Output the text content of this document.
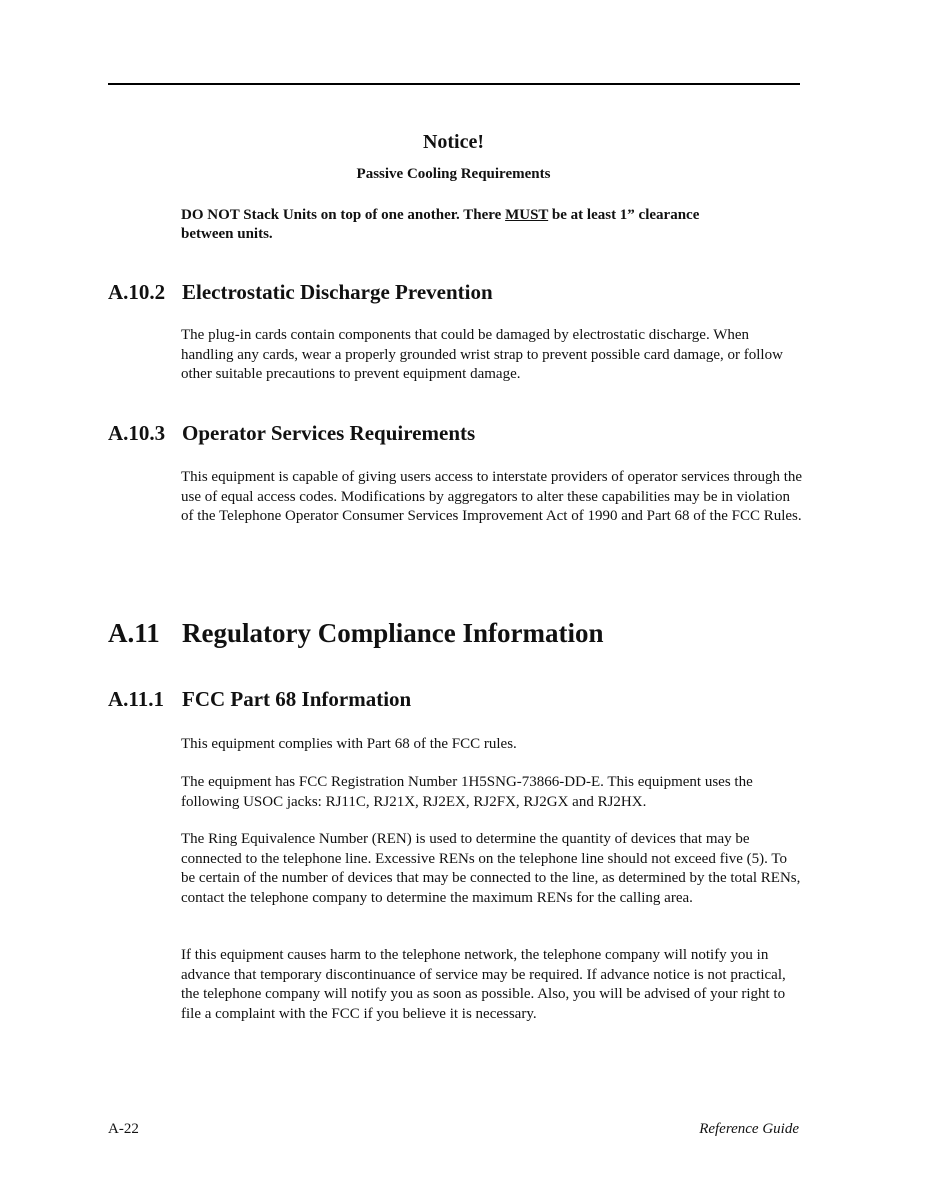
Notice!
Passive Cooling Requirements
DO NOT Stack Units on top of one another. There MUST be at least 1” clearance between units.
A.10.2 Electrostatic Discharge Prevention
The plug-in cards contain components that could be damaged by electrostatic discharge. When handling any cards, wear a properly grounded wrist strap to prevent possible card damage, or follow other suitable precautions to prevent equipment damage.
A.10.3 Operator Services Requirements
This equipment is capable of giving users access to interstate providers of operator services through the use of equal access codes. Modifications by aggregators to alter these capabilities may be in violation of the Telephone Operator Consumer Services Improvement Act of 1990 and Part 68 of the FCC Rules.
A.11 Regulatory Compliance Information
A.11.1 FCC Part 68 Information
This equipment complies with Part 68 of the FCC rules.
The equipment has FCC Registration Number 1H5SNG-73866-DD-E. This equipment uses the following USOC jacks: RJ11C, RJ21X, RJ2EX, RJ2FX, RJ2GX and RJ2HX.
The Ring Equivalence Number (REN) is used to determine the quantity of devices that may be connected to the telephone line. Excessive RENs on the telephone line should not exceed five (5). To be certain of the number of devices that may be connected to the line, as determined by the total RENs, contact the telephone company to determine the maximum RENs for the calling area.
If this equipment causes harm to the telephone network, the telephone company will notify you in advance that temporary discontinuance of service may be required. If advance notice is not practical, the telephone company will notify you as soon as possible. Also, you will be advised of your right to file a complaint with the FCC if you believe it is necessary.
A-22	Reference Guide
